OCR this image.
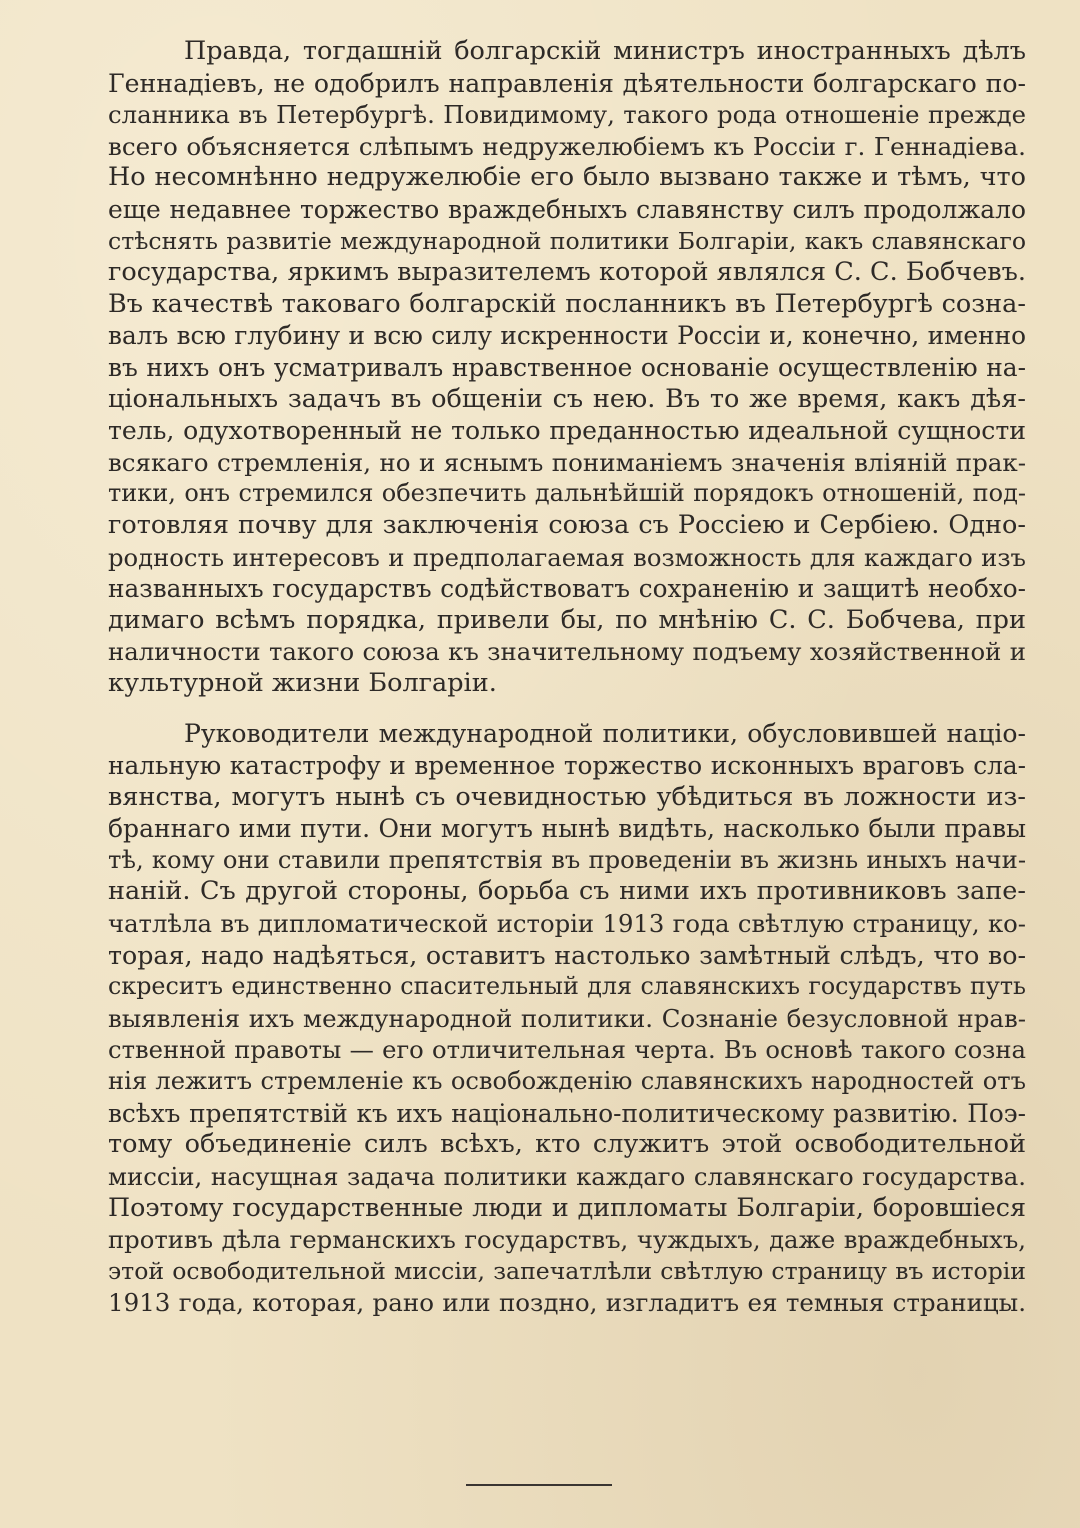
Правда, тогдашній болгарскій министръ иностранныхъ дѣлъ
Геннадіевъ, не одобрилъ направленія дѣятельности болгарскаго по-
сланника въ Петербургѣ. Повидимому, такого рода отношеніе прежде
всего объясняется слѣпымъ недружелюбіемъ къ Россіи г. Геннадіева.
Но несомнѣнно недружелюбіе его было вызвано также и тѣмъ, что
еще недавнее торжество враждебныхъ славянству силъ продолжало
стѣснять развитіе международной политики Болгаріи, какъ славянскаго
государства, яркимъ выразителемъ которой являлся С. С. Бобчевъ.
Въ качествѣ таковаго болгарскій посланникъ въ Петербургѣ созна-
валъ всю глубину и всю силу искренности Россіи и, конечно, именно
въ нихъ онъ усматривалъ нравственное основаніе осуществленію на-
ціональныхъ задачъ въ общеніи съ нею. Въ то же время, какъ дѣя-
тель, одухотворенный не только преданностью идеальной сущности
всякаго стремленія, но и яснымъ пониманіемъ значенія вліяній прак-
тики, онъ стремился обезпечить дальнѣйшій порядокъ отношеній, под-
готовляя почву для заключенія союза съ Россіею и Сербіею. Одно-
родность интересовъ и предполагаемая возможность для каждаго изъ
названныхъ государствъ содѣйствоватъ сохраненію и защитѣ необхо-
димаго всѣмъ порядка, привели бы, по мнѣнію С. С. Бобчева, при
наличности такого союза къ значительному подъему хозяйственной и
культурной жизни Болгаріи.
Руководители международной политики, обусловившей націо-
нальную катастрофу и временное торжество исконныхъ враговъ сла-
вянства, могутъ нынѣ съ очевидностью убѣдиться въ ложности из-
браннаго ими пути. Они могутъ нынѣ видѣть, насколько были правы
тѣ, кому они ставили препятствія въ проведеніи въ жизнь иныхъ начи-
наній. Съ другой стороны, борьба съ ними ихъ противниковъ запе-
чатлѣла въ дипломатической исторіи 1913 года свѣтлую страницу, ко-
торая, надо надѣяться, оставитъ настолько замѣтный слѣдъ, что во-
скреситъ единственно спасительный для славянскихъ государствъ путь
выявленія ихъ международной политики. Сознаніе безусловной нрав-
ственной правоты — его отличительная черта. Въ основѣ такого созна
нія лежитъ стремленіе къ освобожденію славянскихъ народностей отъ
всѣхъ препятствій къ ихъ національно-политическому развитію. Поэ-
тому объединеніе силъ всѣхъ, кто служитъ этой освободительной
миссіи, насущная задача политики каждаго славянскаго государства.
Поэтому государственные люди и дипломаты Болгаріи, боровшіеся
противъ дѣла германскихъ государствъ, чуждыхъ, даже враждебныхъ,
этой освободительной миссіи, запечатлѣли свѣтлую страницу въ исторіи
1913 года, которая, рано или поздно, изгладитъ ея темныя страницы.
